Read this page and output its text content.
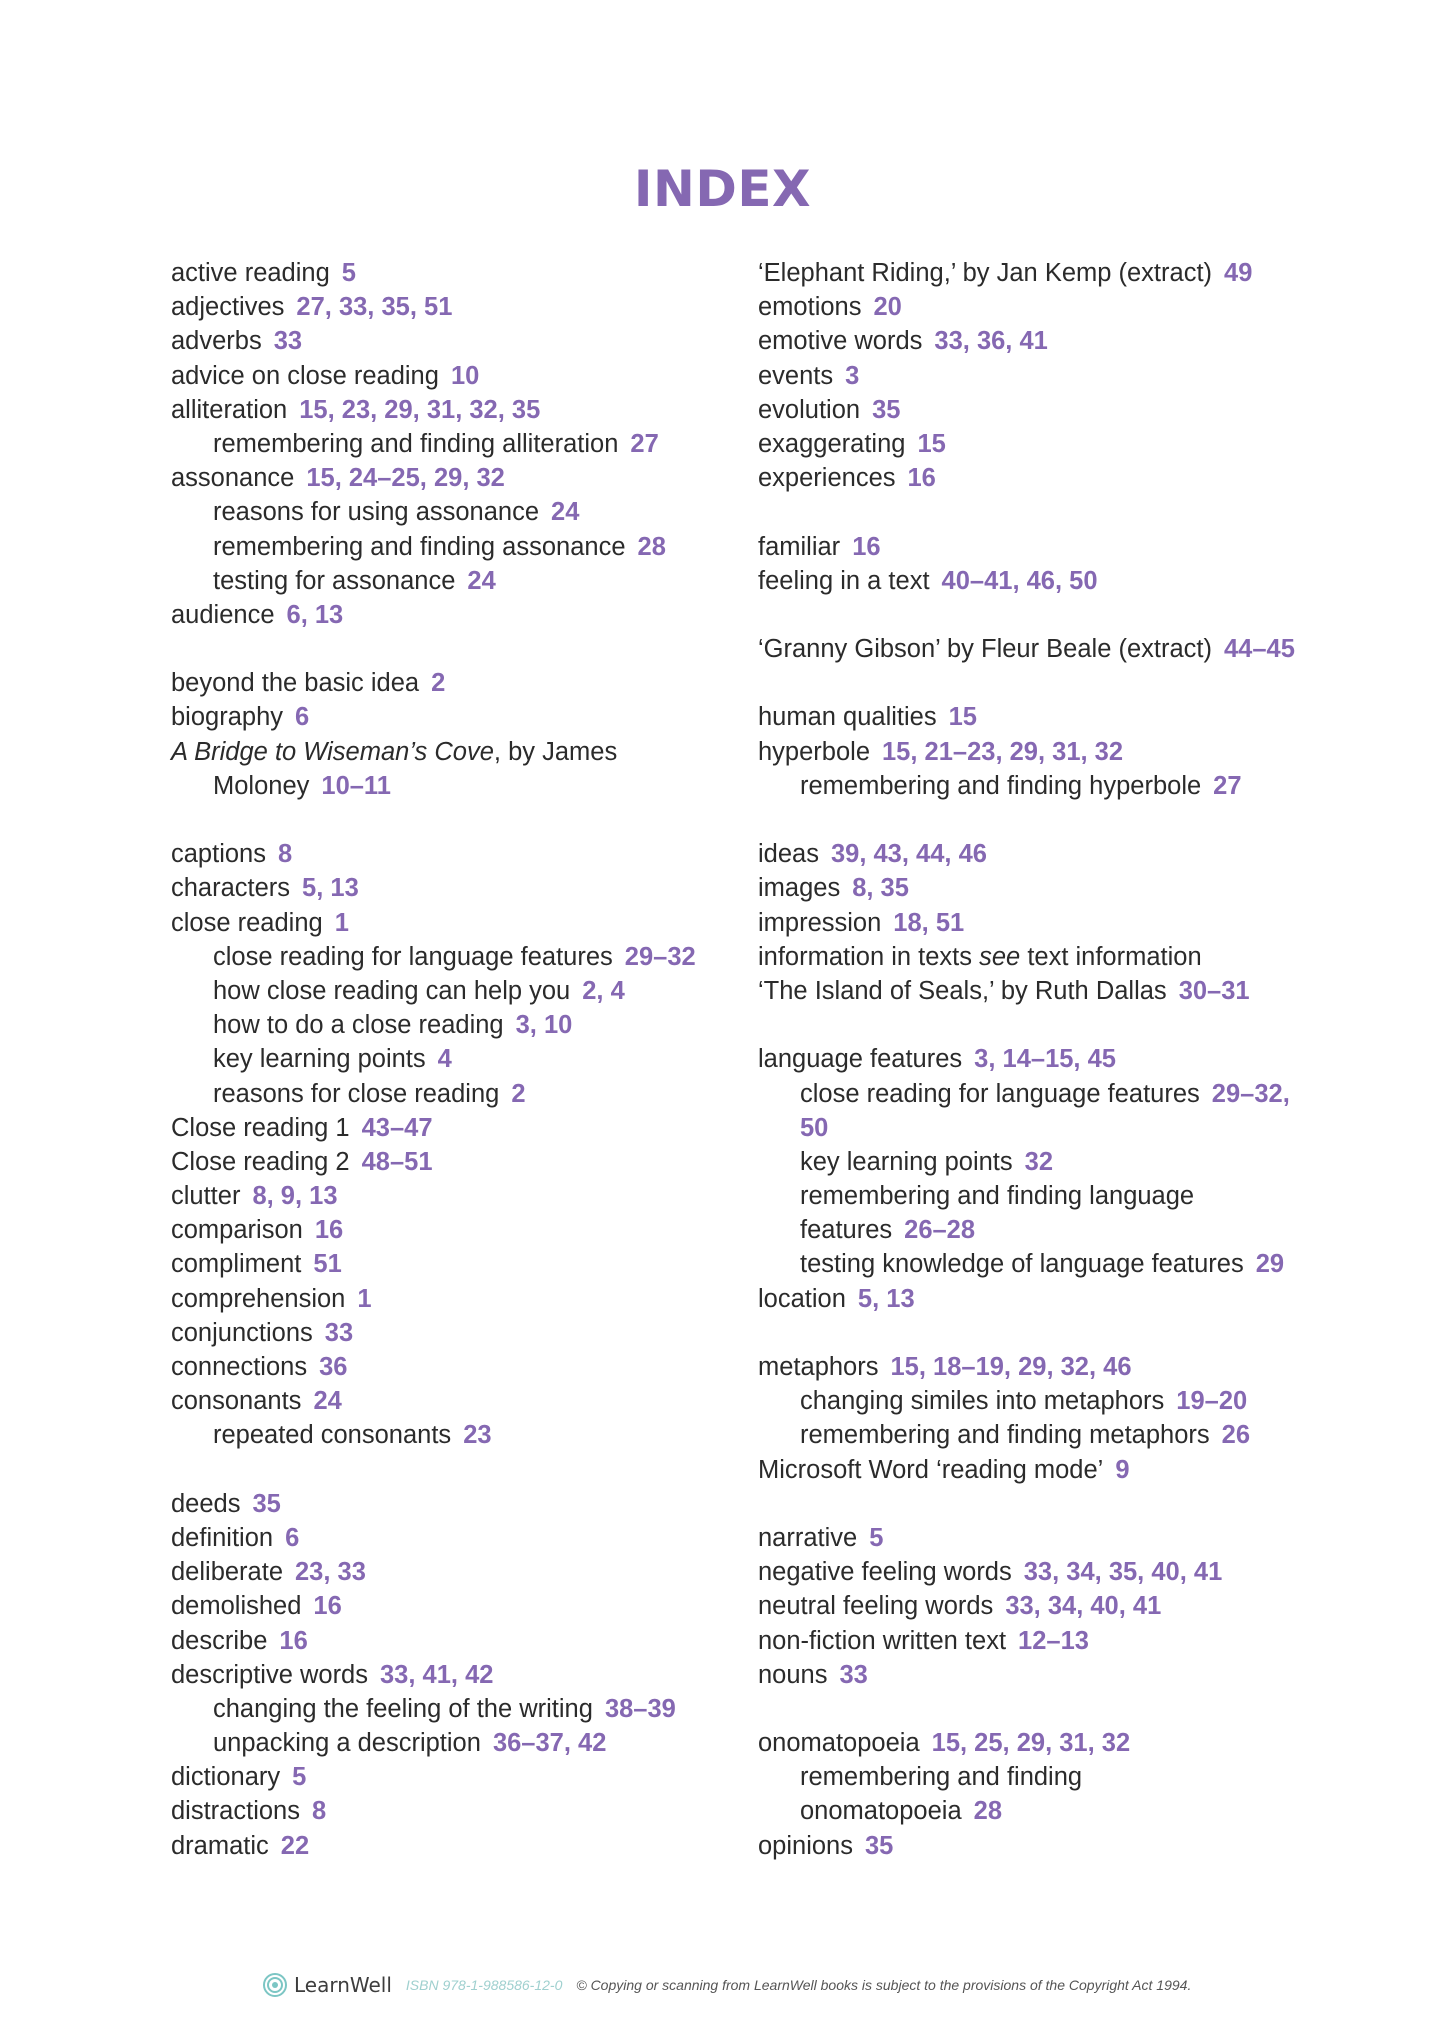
INDEX
active reading 5
adjectives 27, 33, 35, 51
adverbs 33
advice on close reading 10
alliteration 15, 23, 29, 31, 32, 35
remembering and finding alliteration 27
assonance 15, 24–25, 29, 32
reasons for using assonance 24
remembering and finding assonance 28
testing for assonance 24
audience 6, 13
beyond the basic idea 2
biography 6
A Bridge to Wiseman’s Cove, by James
Moloney 10–11
captions 8
characters 5, 13
close reading 1
close reading for language features 29–32
how close reading can help you 2, 4
how to do a close reading 3, 10
key learning points 4
reasons for close reading 2
Close reading 1 43–47
Close reading 2 48–51
clutter 8, 9, 13
comparison 16
compliment 51
comprehension 1
conjunctions 33
connections 36
consonants 24
repeated consonants 23
deeds 35
definition 6
deliberate 23, 33
demolished 16
describe 16
descriptive words 33, 41, 42
changing the feeling of the writing 38–39
unpacking a description 36–37, 42
dictionary 5
distractions 8
dramatic 22
‘Elephant Riding,’ by Jan Kemp (extract) 49
emotions 20
emotive words 33, 36, 41
events 3
evolution 35
exaggerating 15
experiences 16
familiar 16
feeling in a text 40–41, 46, 50
‘Granny Gibson’ by Fleur Beale (extract) 44–45
human qualities 15
hyperbole 15, 21–23, 29, 31, 32
remembering and finding hyperbole 27
ideas 39, 43, 44, 46
images 8, 35
impression 18, 51
information in texts see text information
‘The Island of Seals,’ by Ruth Dallas 30–31
language features 3, 14–15, 45
close reading for language features 29–32,
50
key learning points 32
remembering and finding language
features 26–28
testing knowledge of language features 29
location 5, 13
metaphors 15, 18–19, 29, 32, 46
changing similes into metaphors 19–20
remembering and finding metaphors 26
Microsoft Word ‘reading mode’ 9
narrative 5
negative feeling words 33, 34, 35, 40, 41
neutral feeling words 33, 34, 40, 41
non-fiction written text 12–13
nouns 33
onomatopoeia 15, 25, 29, 31, 32
remembering and finding
onomatopoeia 28
opinions 35
LearnWell ISBN 978-1-988586-12-0 © Copying or scanning from LearnWell books is subject to the provisions of the Copyright Act 1994.
